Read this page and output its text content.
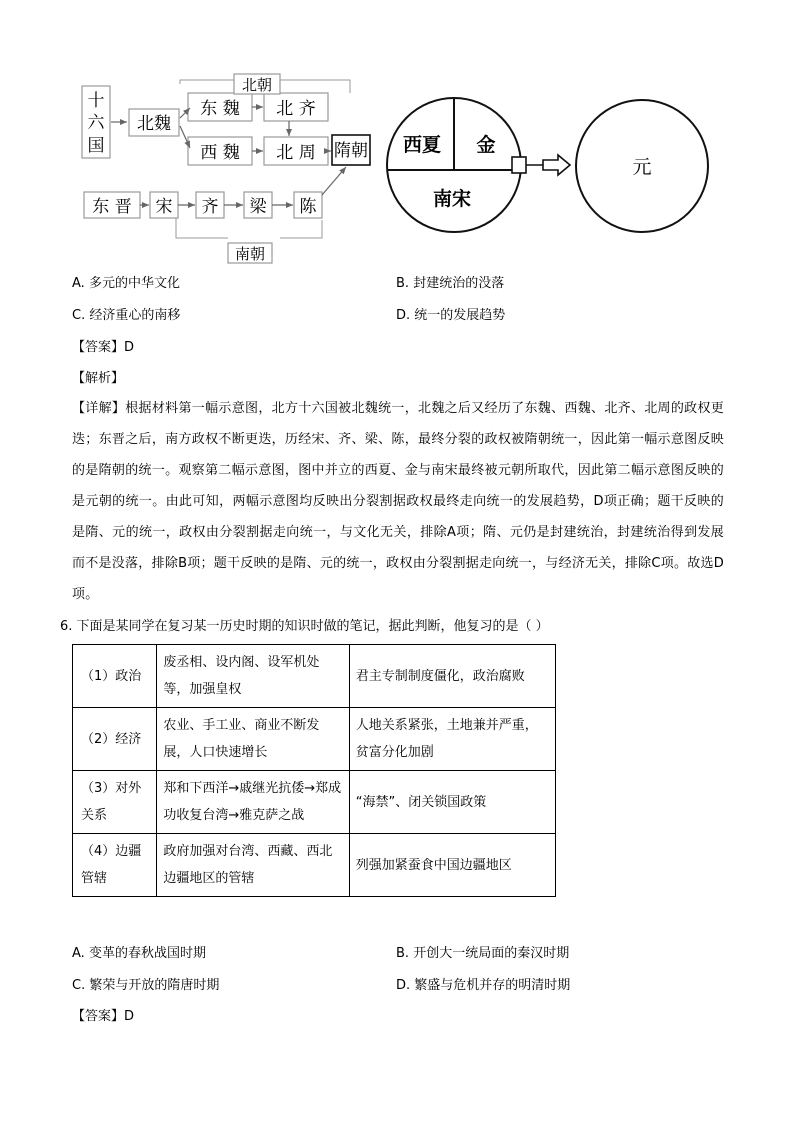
十
六
国
北魏
东 魏 北 齐
西 魏 北 周 隋朝
东 晋 宋 齐 梁 陈
北朝
南朝
西夏 金
南宋
元
A. 多元的中华文化	B. 封建统治的没落
C. 经济重心的南移	D. 统一的发展趋势
【答案】D
【解析】
【详解】根据材料第一幅示意图，北方十六国被北魏统一，北魏之后又经历了东魏、西魏、北齐、北周的政权更迭；东晋之后，南方政权不断更迭，历经宋、齐、梁、陈，最终分裂的政权被隋朝统一，因此第一幅示意图反映的是隋朝的统一。观察第二幅示意图，图中并立的西夏、金与南宋最终被元朝所取代，因此第二幅示意图反映的是元朝的统一。由此可知，两幅示意图均反映出分裂割据政权最终走向统一的发展趋势，D项正确；题干反映的是隋、元的统一，政权由分裂割据走向统一，与文化无关，排除A项；隋、元仍是封建统治，封建统治得到发展而不是没落，排除B项；题干反映的是隋、元的统一，政权由分裂割据走向统一，与经济无关，排除C项。故选D项。
6. 下面是某同学在复习某一历史时期的知识时做的笔记，据此判断，他复习的是（ ）
（1）政治	废丞相、设内阁、设军机处等，加强皇权	君主专制制度僵化，政治腐败
（2）经济	农业、手工业、商业不断发展，人口快速增长	人地关系紧张，土地兼并严重，贫富分化加剧
（3）对外关系	郑和下西洋→戚继光抗倭→郑成功收复台湾→雅克萨之战	“海禁”、闭关锁国政策
（4）边疆管辖	政府加强对台湾、西藏、西北边疆地区的管辖	列强加紧蚕食中国边疆地区
A. 变革的春秋战国时期	B. 开创大一统局面的秦汉时期
C. 繁荣与开放的隋唐时期	D. 繁盛与危机并存的明清时期
【答案】D
